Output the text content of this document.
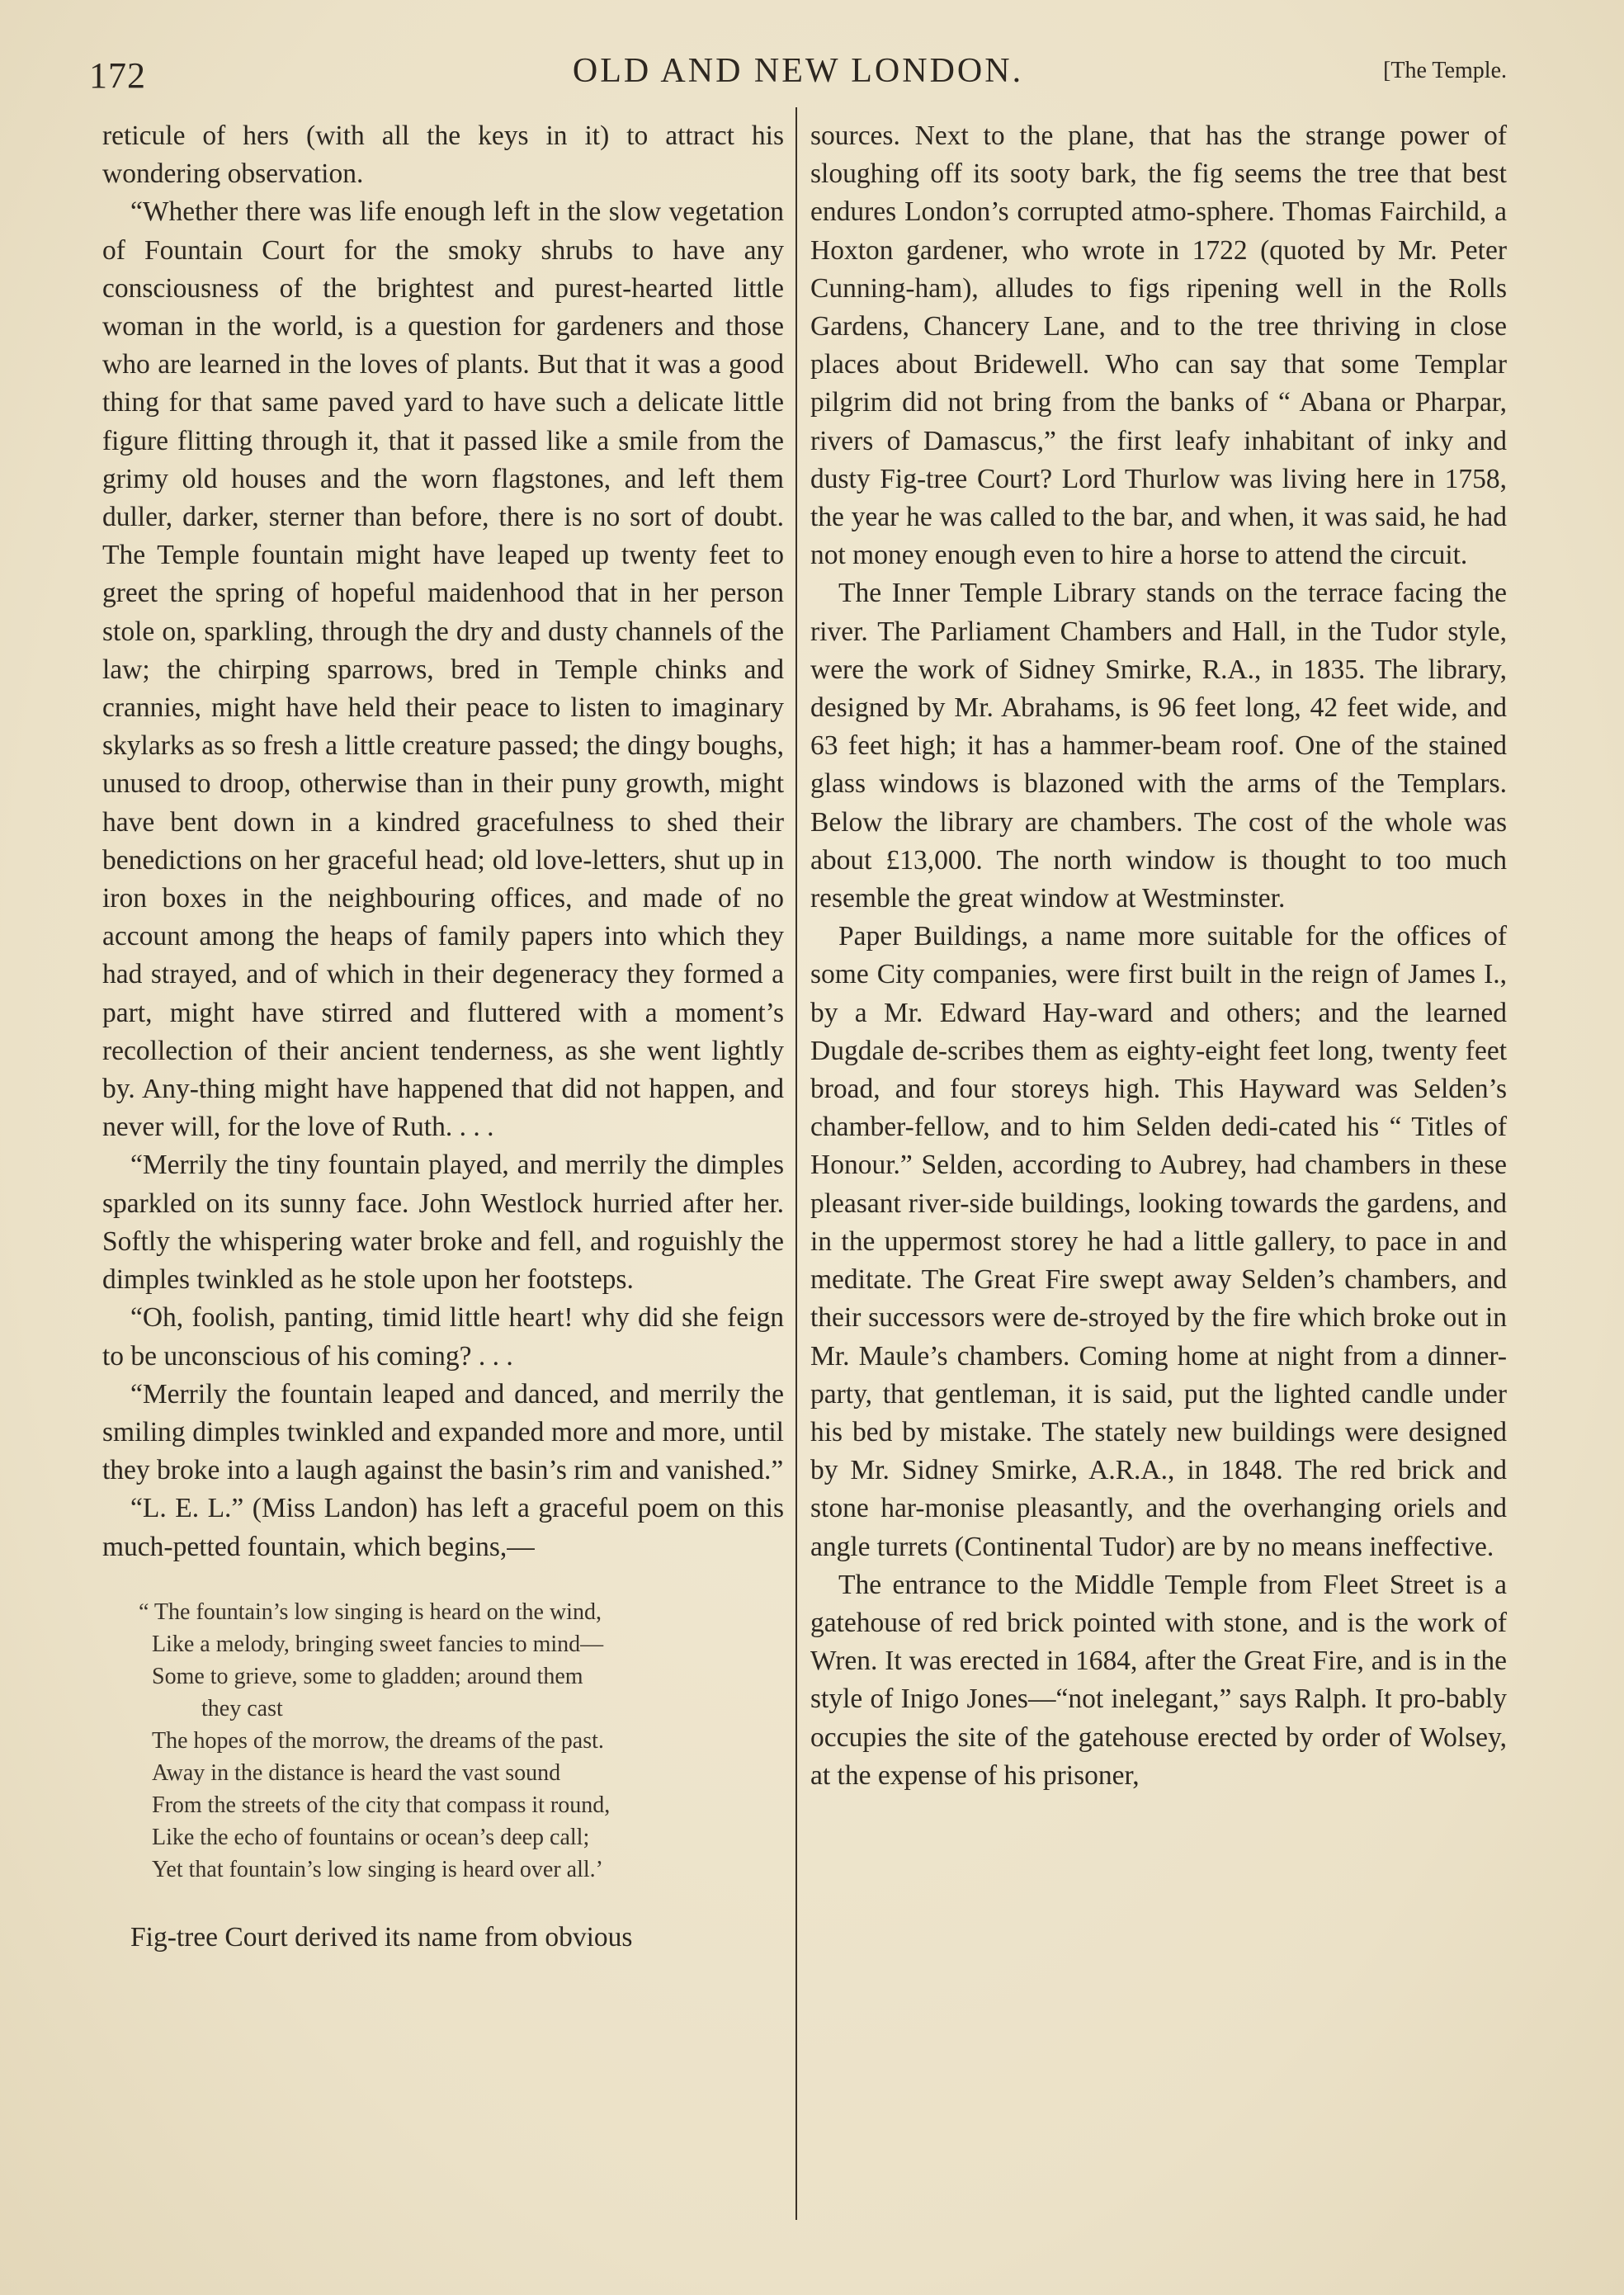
172	OLD AND NEW LONDON.	[The Temple.

reticule of hers (with all the keys in it) to attract his wondering observation.

“Whether there was life enough left in the slow vegetation of Fountain Court for the smoky shrubs to have any consciousness of the brightest and purest-hearted little woman in the world, is a question for gardeners and those who are learned in the loves of plants. But that it was a good thing for that same paved yard to have such a delicate little figure flitting through it, that it passed like a smile from the grimy old houses and the worn flagstones, and left them duller, darker, sterner than before, there is no sort of doubt. The Temple fountain might have leaped up twenty feet to greet the spring of hopeful maidenhood that in her person stole on, sparkling, through the dry and dusty channels of the law; the chirping sparrows, bred in Temple chinks and crannies, might have held their peace to listen to imaginary skylarks as so fresh a little creature passed; the dingy boughs, unused to droop, otherwise than in their puny growth, might have bent down in a kindred gracefulness to shed their benedictions on her graceful head; old love-letters, shut up in iron boxes in the neighbouring offices, and made of no account among the heaps of family papers into which they had strayed, and of which in their degeneracy they formed a part, might have stirred and fluttered with a moment’s recollection of their ancient tenderness, as she went lightly by. Any-thing might have happened that did not happen, and never will, for the love of Ruth. . . .

“Merrily the tiny fountain played, and merrily the dimples sparkled on its sunny face. John Westlock hurried after her. Softly the whispering water broke and fell, and roguishly the dimples twinkled as he stole upon her footsteps.

“Oh, foolish, panting, timid little heart! why did she feign to be unconscious of his coming? . . .

“Merrily the fountain leaped and danced, and merrily the smiling dimples twinkled and expanded more and more, until they broke into a laugh against the basin’s rim and vanished.”

“L. E. L.” (Miss Landon) has left a graceful poem on this much-petted fountain, which begins,—

“ The fountain’s low singing is heard on the wind,
Like a melody, bringing sweet fancies to mind—
Some to grieve, some to gladden; around them
they cast
The hopes of the morrow, the dreams of the past.
Away in the distance is heard the vast sound
From the streets of the city that compass it round,
Like the echo of fountains or ocean’s deep call;
Yet that fountain’s low singing is heard over all.’

Fig-tree Court derived its name from obvious

sources. Next to the plane, that has the strange power of sloughing off its sooty bark, the fig seems the tree that best endures London’s corrupted atmo-sphere. Thomas Fairchild, a Hoxton gardener, who wrote in 1722 (quoted by Mr. Peter Cunning-ham), alludes to figs ripening well in the Rolls Gardens, Chancery Lane, and to the tree thriving in close places about Bridewell. Who can say that some Templar pilgrim did not bring from the banks of “ Abana or Pharpar, rivers of Damascus,” the first leafy inhabitant of inky and dusty Fig-tree Court? Lord Thurlow was living here in 1758, the year he was called to the bar, and when, it was said, he had not money enough even to hire a horse to attend the circuit.

The Inner Temple Library stands on the terrace facing the river. The Parliament Chambers and Hall, in the Tudor style, were the work of Sidney Smirke, R.A., in 1835. The library, designed by Mr. Abrahams, is 96 feet long, 42 feet wide, and 63 feet high; it has a hammer-beam roof. One of the stained glass windows is blazoned with the arms of the Templars. Below the library are chambers. The cost of the whole was about £13,000. The north window is thought to too much resemble the great window at Westminster.

Paper Buildings, a name more suitable for the offices of some City companies, were first built in the reign of James I., by a Mr. Edward Hay-ward and others; and the learned Dugdale de-scribes them as eighty-eight feet long, twenty feet broad, and four storeys high. This Hayward was Selden’s chamber-fellow, and to him Selden dedi-cated his “ Titles of Honour.” Selden, according to Aubrey, had chambers in these pleasant river-side buildings, looking towards the gardens, and in the uppermost storey he had a little gallery, to pace in and meditate. The Great Fire swept away Selden’s chambers, and their successors were de-stroyed by the fire which broke out in Mr. Maule’s chambers. Coming home at night from a dinner-party, that gentleman, it is said, put the lighted candle under his bed by mistake. The stately new buildings were designed by Mr. Sidney Smirke, A.R.A., in 1848. The red brick and stone har-monise pleasantly, and the overhanging oriels and angle turrets (Continental Tudor) are by no means ineffective.

The entrance to the Middle Temple from Fleet Street is a gatehouse of red brick pointed with stone, and is the work of Wren. It was erected in 1684, after the Great Fire, and is in the style of Inigo Jones—“not inelegant,” says Ralph. It pro-bably occupies the site of the gatehouse erected by order of Wolsey, at the expense of his prisoner,
